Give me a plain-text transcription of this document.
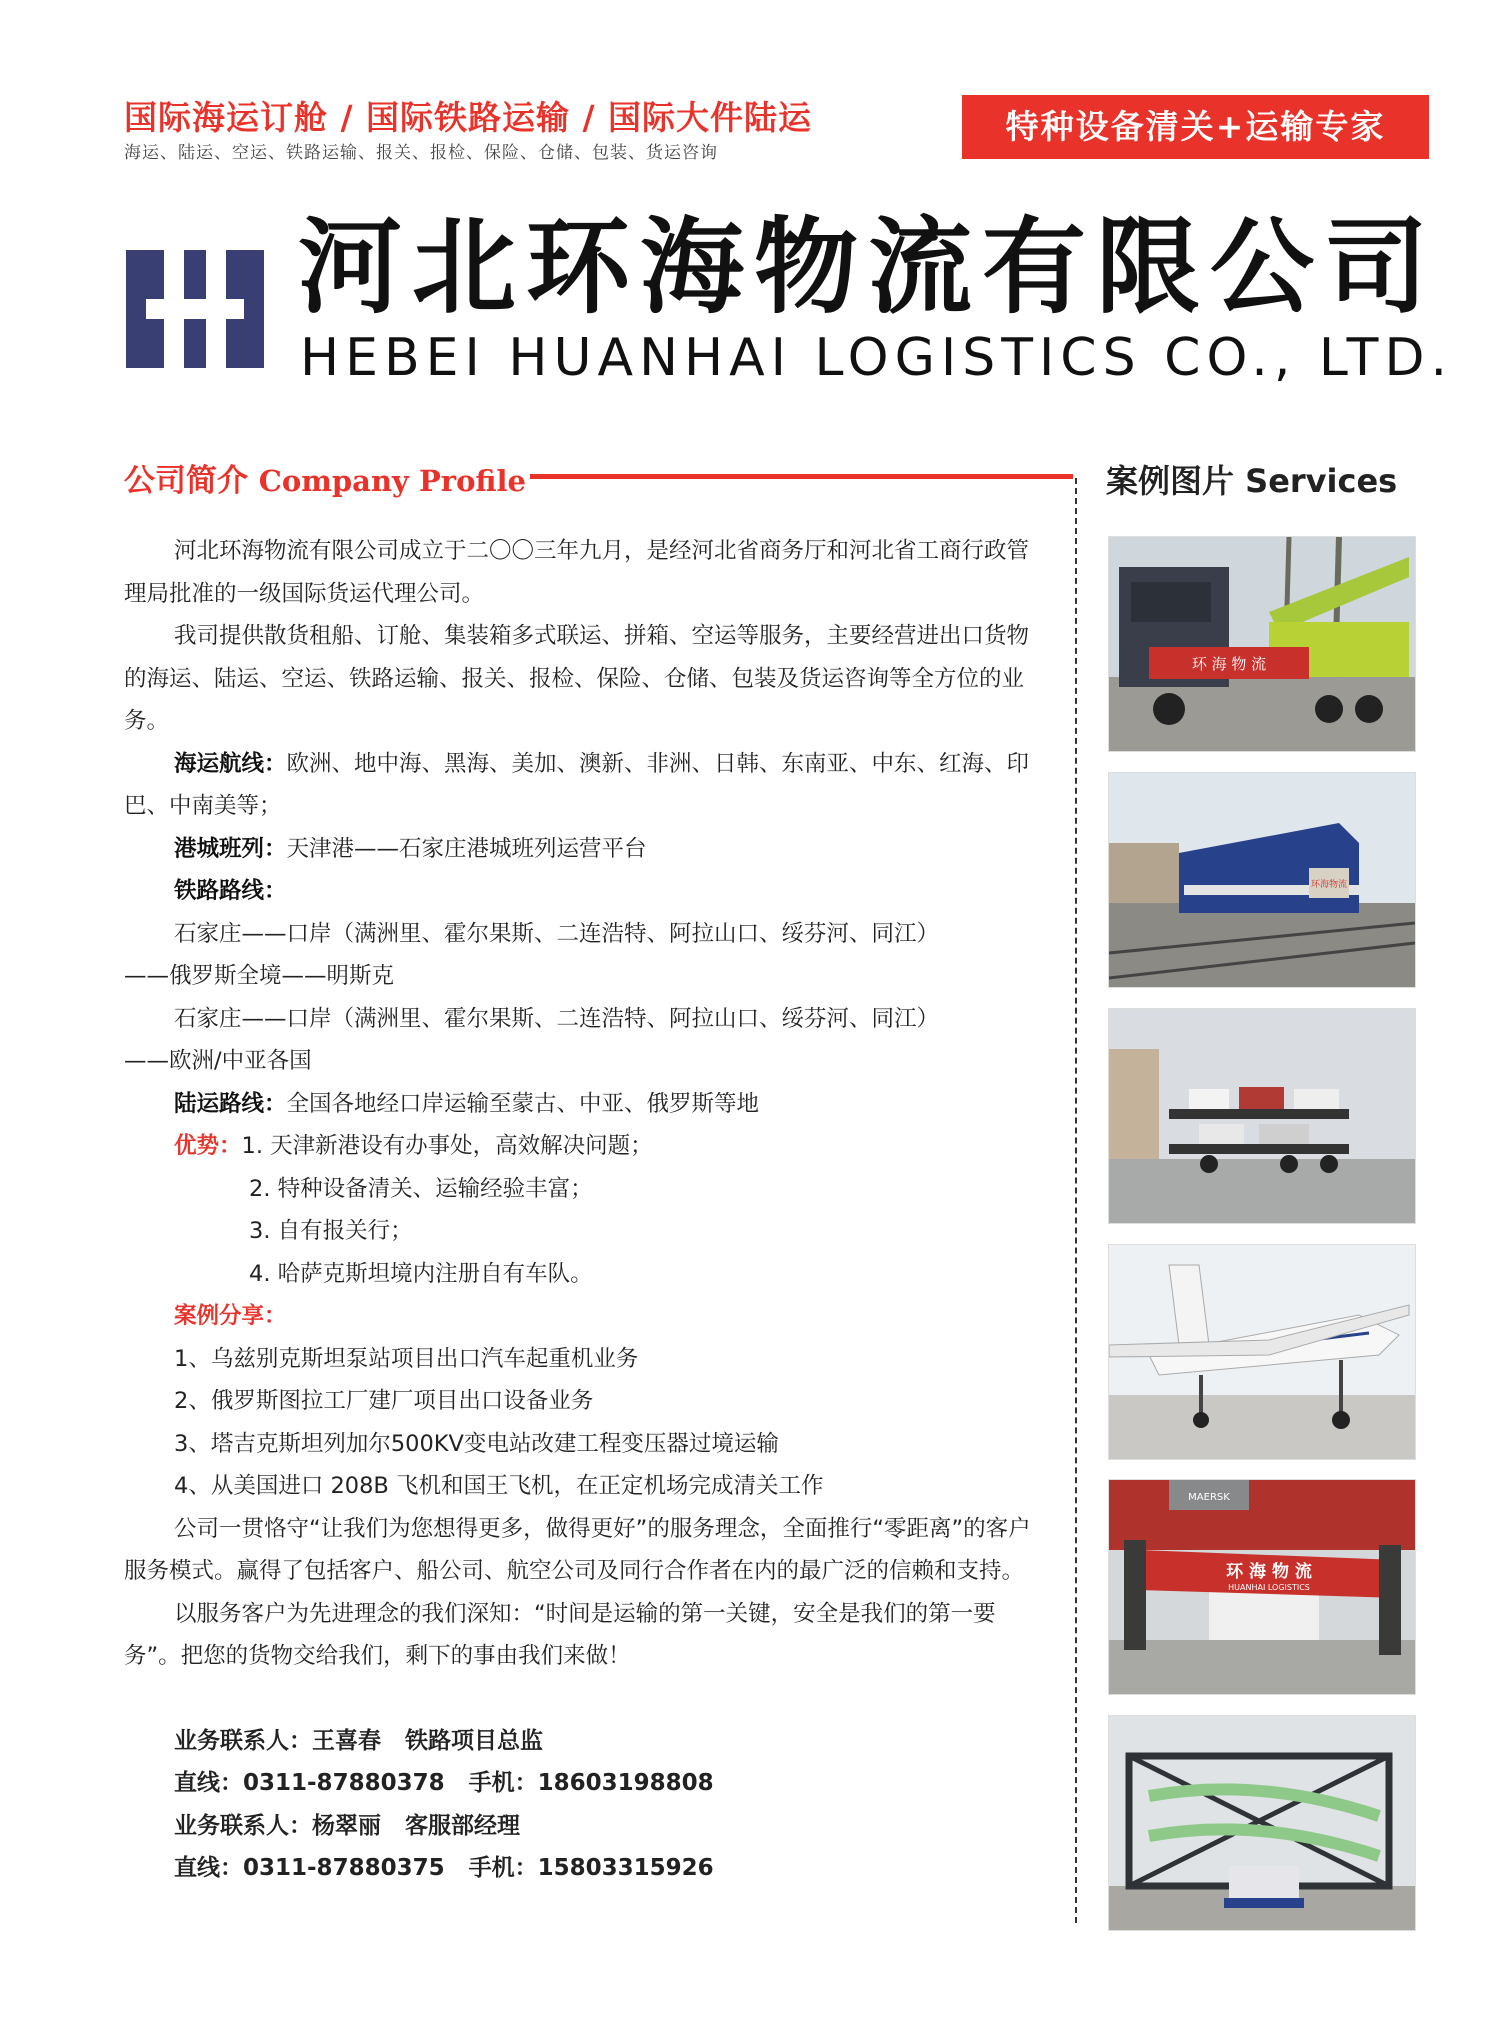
国际海运订舱 / 国际铁路运输 / 国际大件陆运
海运、陆运、空运、铁路运输、报关、报检、保险、仓储、包装、货运咨询
特种设备清关+运输专家
河北环海物流有限公司
HEBEI HUANHAI LOGISTICS CO., LTD.
公司简介 Company Profile	案例图片 Services

河北环海物流有限公司成立于二〇〇三年九月，是经河北省商务厅和河北省工商行政管理局批准的一级国际货运代理公司。

我司提供散货租船、订舱、集装箱多式联运、拼箱、空运等服务，主要经营进出口货物的海运、陆运、空运、铁路运输、报关、报检、保险、仓储、包装及货运咨询等全方位的业务。

海运航线：欧洲、地中海、黑海、美加、澳新、非洲、日韩、东南亚、中东、红海、印巴、中南美等；

港城班列：天津港——石家庄港城班列运营平台

铁路路线：

石家庄——口岸（满洲里、霍尔果斯、二连浩特、阿拉山口、绥芬河、同江）

——俄罗斯全境——明斯克

石家庄——口岸（满洲里、霍尔果斯、二连浩特、阿拉山口、绥芬河、同江）

——欧洲/中亚各国

陆运路线：全国各地经口岸运输至蒙古、中亚、俄罗斯等地

优势：1. 天津新港设有办事处，高效解决问题；

2. 特种设备清关、运输经验丰富；

3. 自有报关行；

4. 哈萨克斯坦境内注册自有车队。

案例分享：

1、乌兹别克斯坦泵站项目出口汽车起重机业务

2、俄罗斯图拉工厂建厂项目出口设备业务

3、塔吉克斯坦列加尔500KV变电站改建工程变压器过境运输

4、从美国进口 208B 飞机和国王飞机，在正定机场完成清关工作

公司一贯恪守“让我们为您想得更多，做得更好”的服务理念，全面推行“零距离”的客户服务模式。赢得了包括客户、船公司、航空公司及同行合作者在内的最广泛的信赖和支持。

以服务客户为先进理念的我们深知：“时间是运输的第一关键，安全是我们的第一要务”。把您的货物交给我们，剩下的事由我们来做！

业务联系人：王喜春 铁路项目总监

直线：0311-87880378 手机：18603198808

业务联系人：杨翠丽 客服部经理

直线：0311-87880375 手机：15803315926

环 海 物 流
环海物流
MAERSK
环 海 物 流
HUANHAI LOGISTICS
